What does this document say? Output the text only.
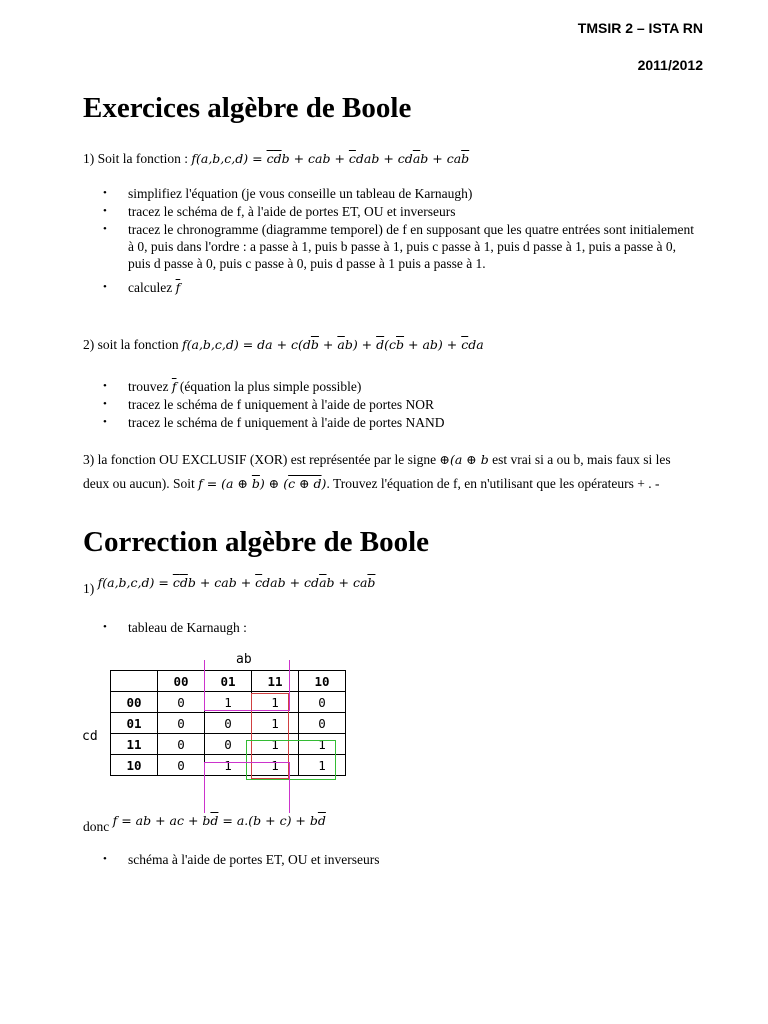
TMSIR 2 – ISTA RN
2011/2012
Exercices algèbre de Boole
1) Soit la fonction : $f(a,b,c,d) = \overline{c}\overline{d}b$ + cab + $\overline{c}dab + cd\overline{a}b + ca\overline{b}$
• simplifiez l'équation (je vous conseille un tableau de Karnaugh)
• tracez le schéma de f, à l'aide de portes ET, OU et inverseurs
• tracez le chronogramme (diagramme temporel) de f en supposant que les quatre entrées sont initialement à 0, puis dans l'ordre : a passe à 1, puis b passe à 1, puis c passe à 1, puis d passe à 1, puis a passe à 0, puis d passe à 0, puis c passe à 0, puis d passe à 1 puis a passe à 1.
• calculez $\overline{f}$
2) soit la fonction f(a,b,c,d) = da + $c(d\overline{b} + \overline{a}b) + \overline{d}(c\overline{b} + ab) + \overline{c}da$
• trouvez $\overline{f}$ (équation la plus simple possible)
• tracez le schéma de f uniquement à l'aide de portes NOR
• tracez le schéma de f uniquement à l'aide de portes NAND
3) la fonction OU EXCLUSIF (XOR) est représentée par le signe ⊕(a ⊕ b est vrai si a ou b, mais faux si les deux ou aucun). Soit f = (a ⊕ $\overline{b}$) ⊕ (c ⊕ d). Trouvez l'équation de f, en n'utilisant que les opérateurs + . -
Correction algèbre de Boole
1) $f(a,b,c,d) = \overline{c}\overline{d}b$ + cab + $\overline{c}dab + cd\overline{a}b + ca\overline{b}$
• tableau de Karnaugh :
ab
cd
	00	01	11	10
00	0	1	1	0
01	0	0	1	0
11	0	0	1	1
10	0	1	1	1
donc f = ab + ac + $b\overline{d} = a.(b + c) + b\overline{d}$
• schéma à l'aide de portes ET, OU et inverseurs
